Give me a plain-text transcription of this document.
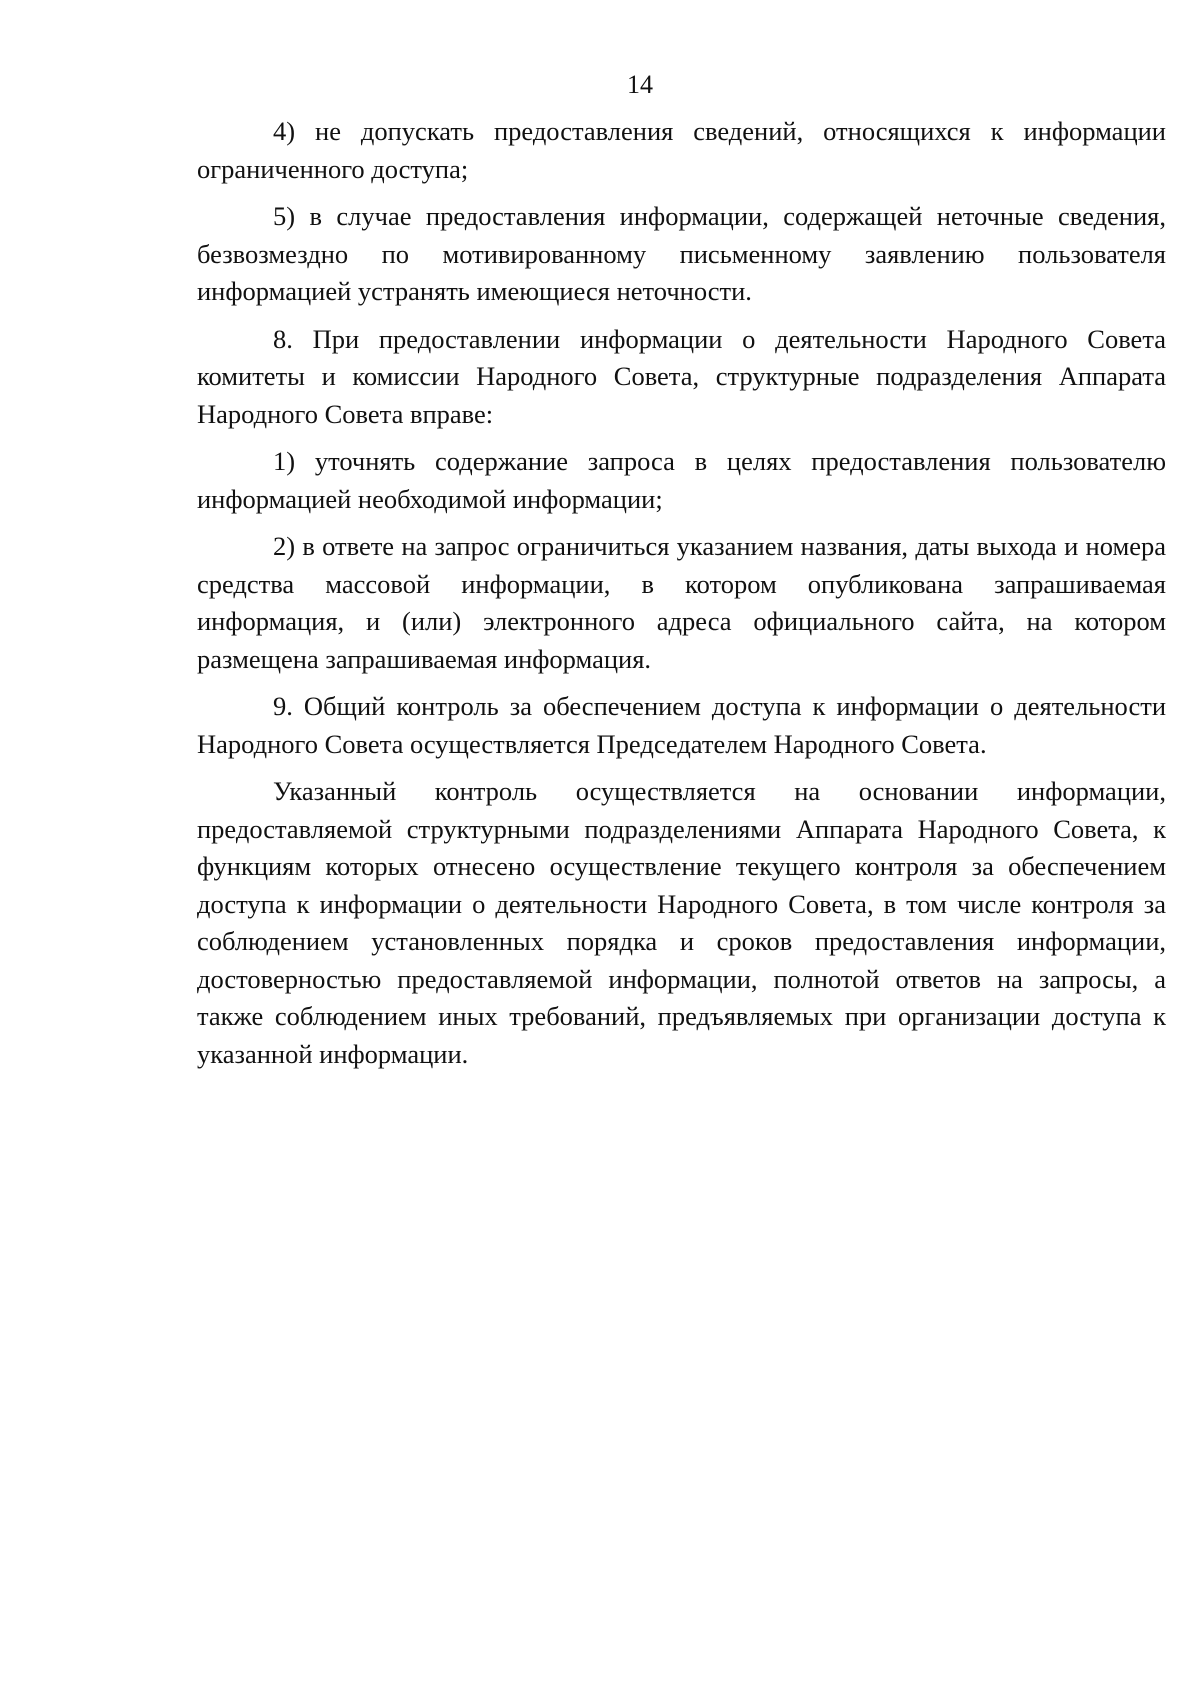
14

4) не допускать предоставления сведений, относящихся к информации ограниченного доступа;

5) в случае предоставления информации, содержащей неточные сведения, безвозмездно по мотивированному письменному заявлению пользователя информацией устранять имеющиеся неточности.

8. При предоставлении информации о деятельности Народного Совета комитеты и комиссии Народного Совета, структурные подразделения Аппарата Народного Совета вправе:

1) уточнять содержание запроса в целях предоставления пользователю информацией необходимой информации;

2) в ответе на запрос ограничиться указанием названия, даты выхода и номера средства массовой информации, в котором опубликована запрашиваемая информация, и (или) электронного адреса официального сайта, на котором размещена запрашиваемая информация.

9. Общий контроль за обеспечением доступа к информации о деятельности Народного Совета осуществляется Председателем Народного Совета.

Указанный контроль осуществляется на основании информации, предоставляемой структурными подразделениями Аппарата Народного Совета, к функциям которых отнесено осуществление текущего контроля за обеспечением доступа к информации о деятельности Народного Совета, в том числе контроля за соблюдением установленных порядка и сроков предоставления информации, достоверностью предоставляемой информации, полнотой ответов на запросы, а также соблюдением иных требований, предъявляемых при организации доступа к указанной информации.
